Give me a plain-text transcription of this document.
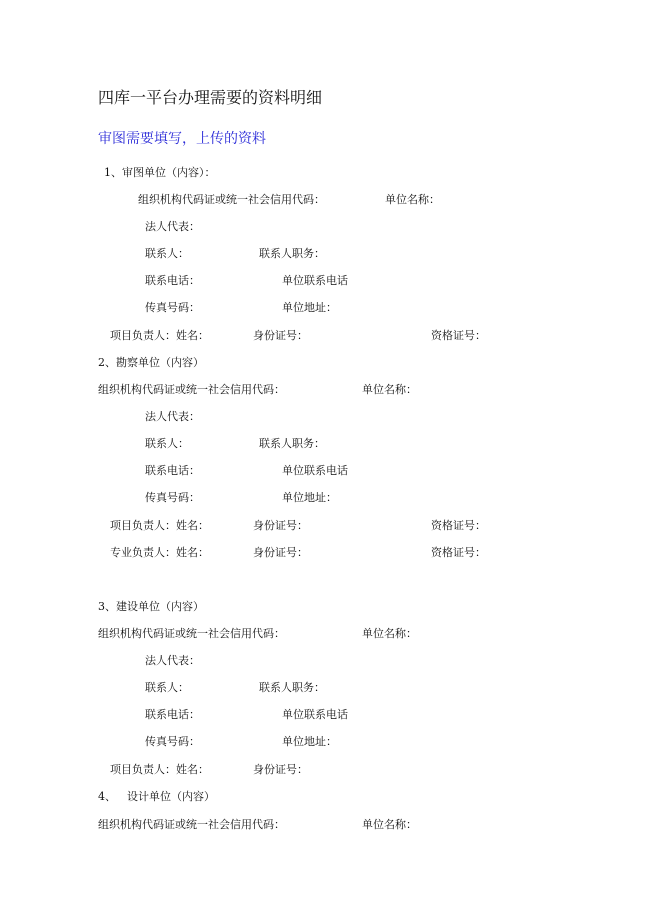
四库一平台办理需要的资料明细
审图需要填写，上传的资料
1、审图单位（内容）：
组织机构代码证或统一社会信用代码：	单位名称：
法人代表：
联系人：	联系人职务：
联系电话：	单位联系电话
传真号码：	单位地址：
项目负责人：姓名：	身份证号：	资格证号：
2、勘察单位（内容）
组织机构代码证或统一社会信用代码：	单位名称：
法人代表：
联系人：	联系人职务：
联系电话：	单位联系电话
传真号码：	单位地址：
项目负责人：姓名：	身份证号：	资格证号：
专业负责人：姓名：	身份证号：	资格证号：
3、建设单位（内容）
组织机构代码证或统一社会信用代码：	单位名称：
法人代表：
联系人：	联系人职务：
联系电话：	单位联系电话
传真号码：	单位地址：
项目负责人：姓名：	身份证号：
4、 设计单位（内容）
组织机构代码证或统一社会信用代码：	单位名称：
